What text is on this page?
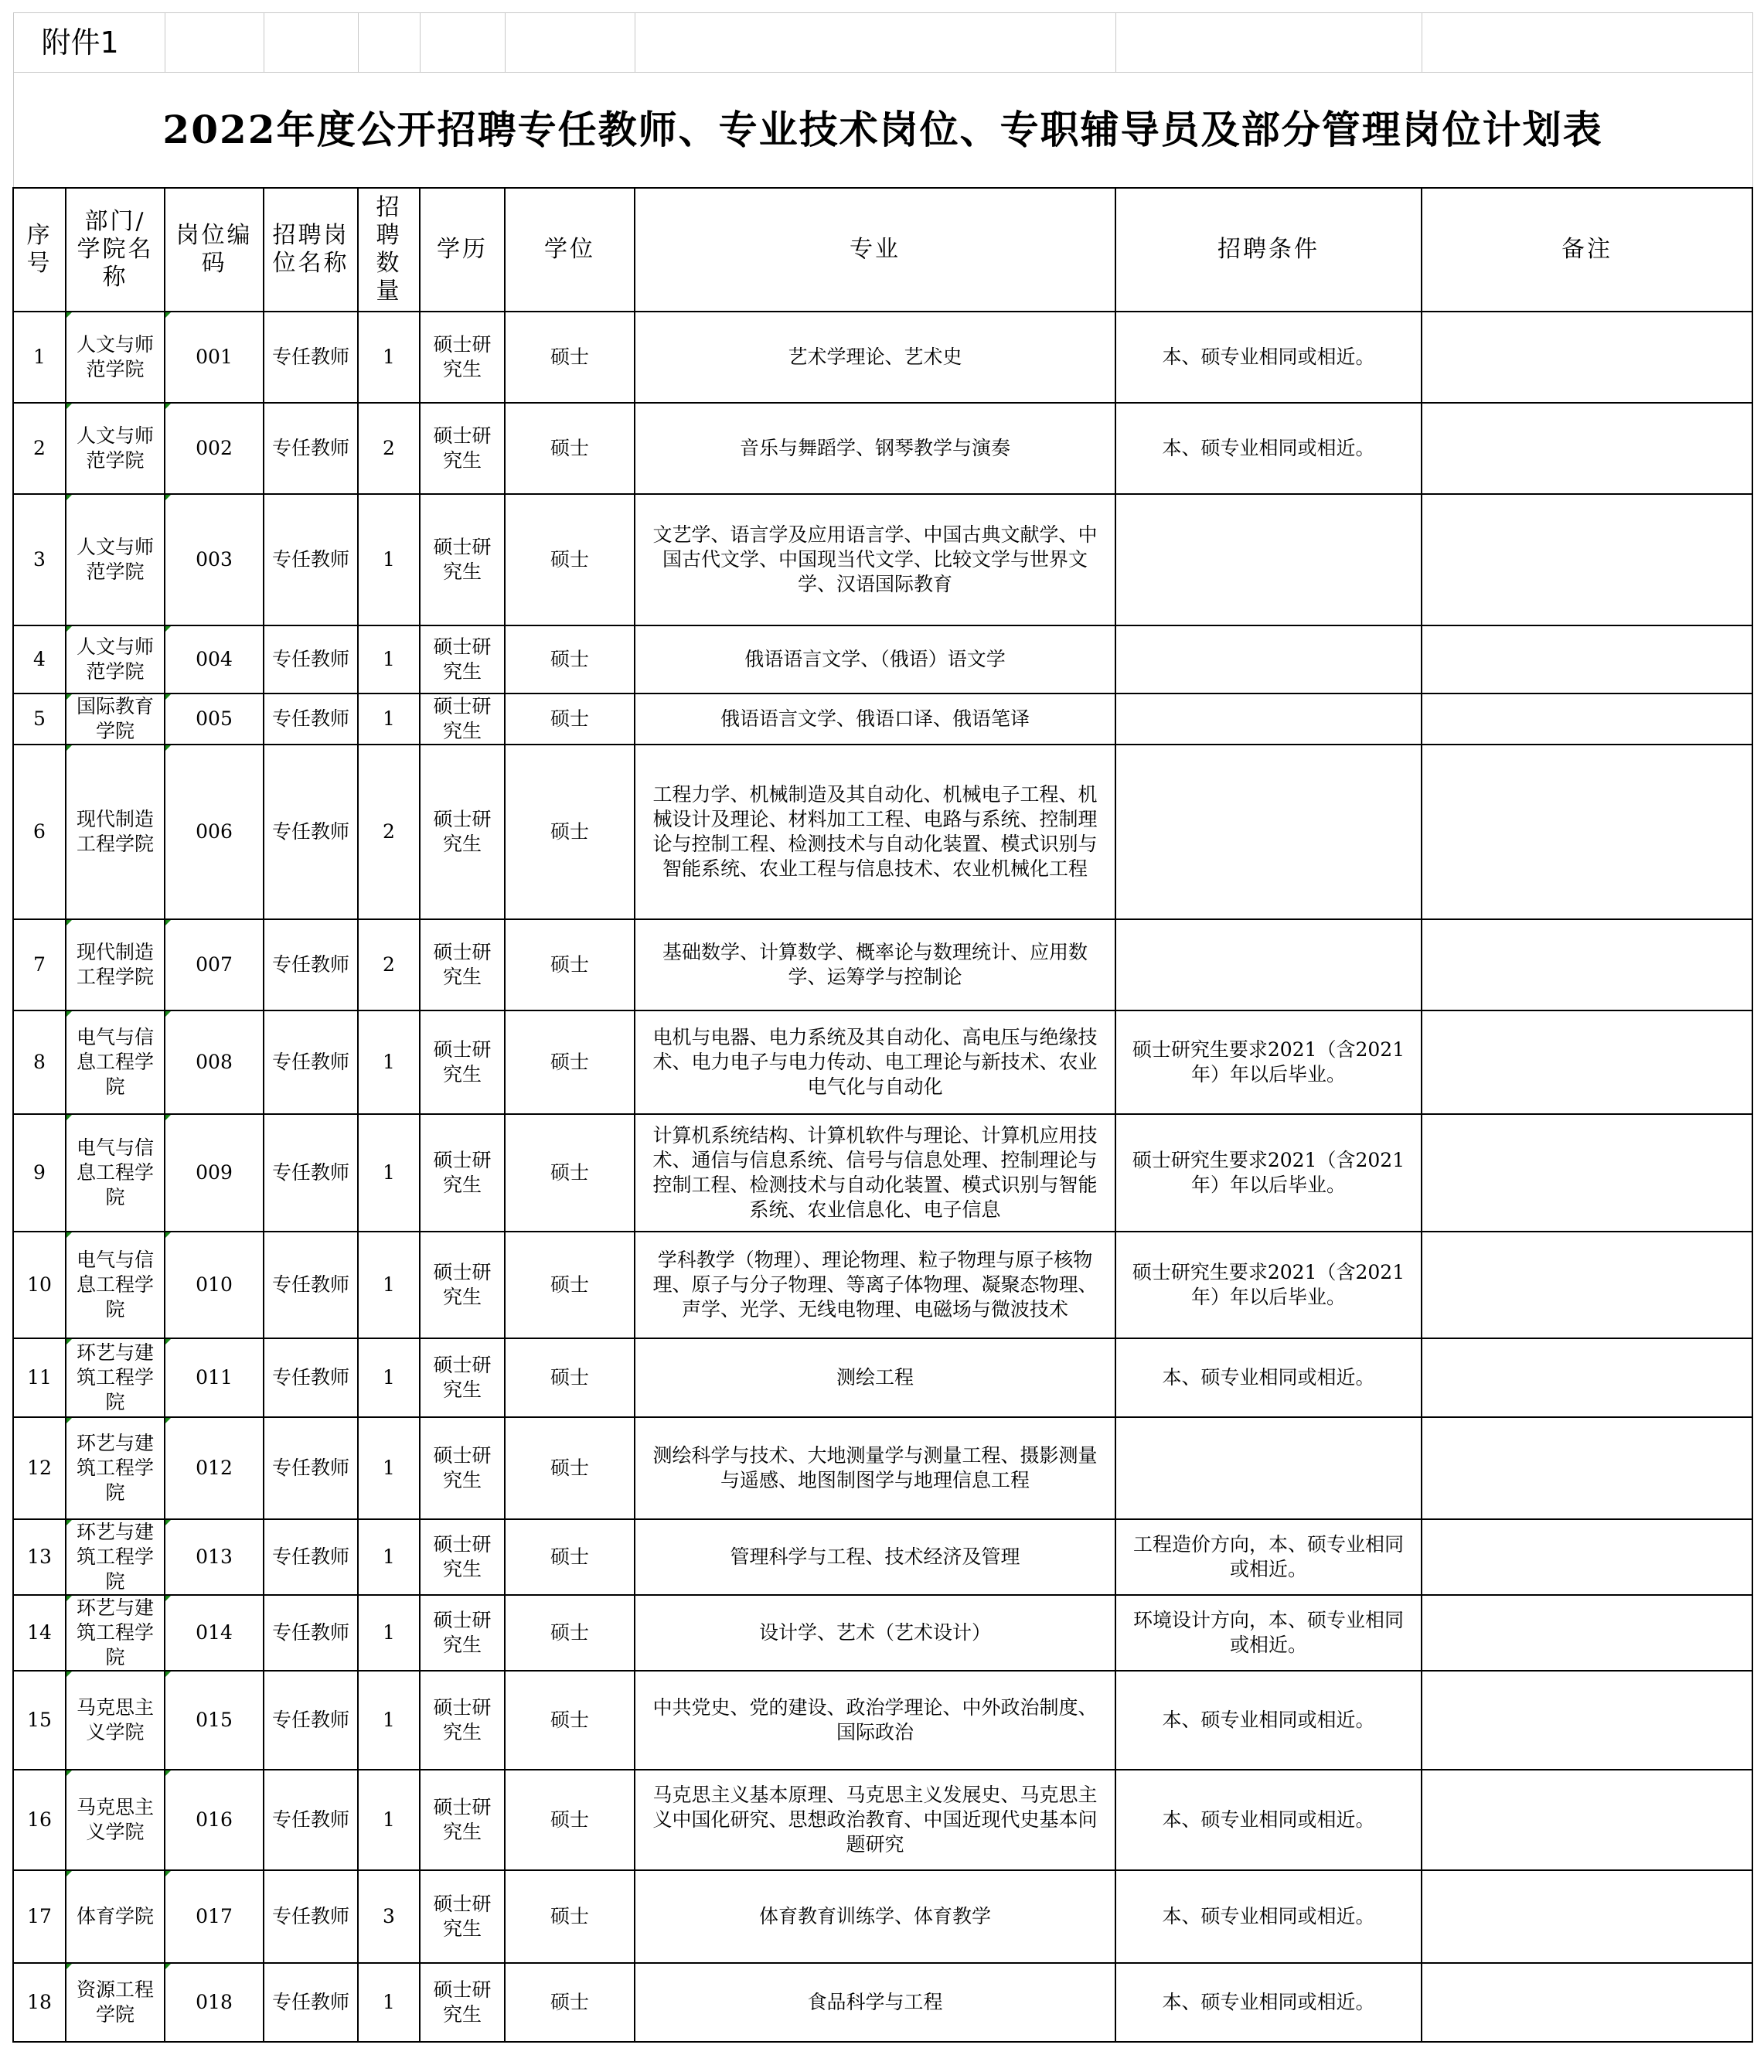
附件1									
2022年度公开招聘专任教师、专业技术岗位、专职辅导员及部分管理岗位计划表									
序号	部门/学院名称	岗位编码	招聘岗位名称	招聘数量	学历	学位	专业	招聘条件	备注
1	人文与师范学院	001	专任教师	1	硕士研究生	硕士	艺术学理论、艺术史	本、硕专业相同或相近。	
2	人文与师范学院	002	专任教师	2	硕士研究生	硕士	音乐与舞蹈学、钢琴教学与演奏	本、硕专业相同或相近。	
3	人文与师范学院	003	专任教师	1	硕士研究生	硕士	文艺学、语言学及应用语言学、中国古典文献学、中国古代文学、中国现当代文学、比较文学与世界文学、汉语国际教育		
4	人文与师范学院	004	专任教师	1	硕士研究生	硕士	俄语语言文学、（俄语）语文学		
5	国际教育学院	005	专任教师	1	硕士研究生	硕士	俄语语言文学、俄语口译、俄语笔译		
6	现代制造工程学院	006	专任教师	2	硕士研究生	硕士	工程力学、机械制造及其自动化、机械电子工程、机械设计及理论、材料加工工程、电路与系统、控制理论与控制工程、检测技术与自动化装置、模式识别与智能系统、农业工程与信息技术、农业机械化工程		
7	现代制造工程学院	007	专任教师	2	硕士研究生	硕士	基础数学、计算数学、概率论与数理统计、应用数学、运筹学与控制论		
8	电气与信息工程学院	008	专任教师	1	硕士研究生	硕士	电机与电器、电力系统及其自动化、高电压与绝缘技术、电力电子与电力传动、电工理论与新技术、农业电气化与自动化	硕士研究生要求2021（含2021年）年以后毕业。	
9	电气与信息工程学院	009	专任教师	1	硕士研究生	硕士	计算机系统结构、计算机软件与理论、计算机应用技术、通信与信息系统、信号与信息处理、控制理论与控制工程、检测技术与自动化装置、模式识别与智能系统、农业信息化、电子信息	硕士研究生要求2021（含2021年）年以后毕业。	
10	电气与信息工程学院	010	专任教师	1	硕士研究生	硕士	学科教学（物理）、理论物理、粒子物理与原子核物理、原子与分子物理、等离子体物理、凝聚态物理、声学、光学、无线电物理、电磁场与微波技术	硕士研究生要求2021（含2021年）年以后毕业。	
11	环艺与建筑工程学院	011	专任教师	1	硕士研究生	硕士	测绘工程	本、硕专业相同或相近。	
12	环艺与建筑工程学院	012	专任教师	1	硕士研究生	硕士	测绘科学与技术、大地测量学与测量工程、摄影测量与遥感、地图制图学与地理信息工程		
13	环艺与建筑工程学院	013	专任教师	1	硕士研究生	硕士	管理科学与工程、技术经济及管理	工程造价方向，本、硕专业相同或相近。	
14	环艺与建筑工程学院	014	专任教师	1	硕士研究生	硕士	设计学、艺术（艺术设计）	环境设计方向，本、硕专业相同或相近。	
15	马克思主义学院	015	专任教师	1	硕士研究生	硕士	中共党史、党的建设、政治学理论、中外政治制度、国际政治	本、硕专业相同或相近。	
16	马克思主义学院	016	专任教师	1	硕士研究生	硕士	马克思主义基本原理、马克思主义发展史、马克思主义中国化研究、思想政治教育、中国近现代史基本问题研究	本、硕专业相同或相近。	
17	体育学院	017	专任教师	3	硕士研究生	硕士	体育教育训练学、体育教学	本、硕专业相同或相近。	
18	资源工程学院	018	专任教师	1	硕士研究生	硕士	食品科学与工程	本、硕专业相同或相近。	
